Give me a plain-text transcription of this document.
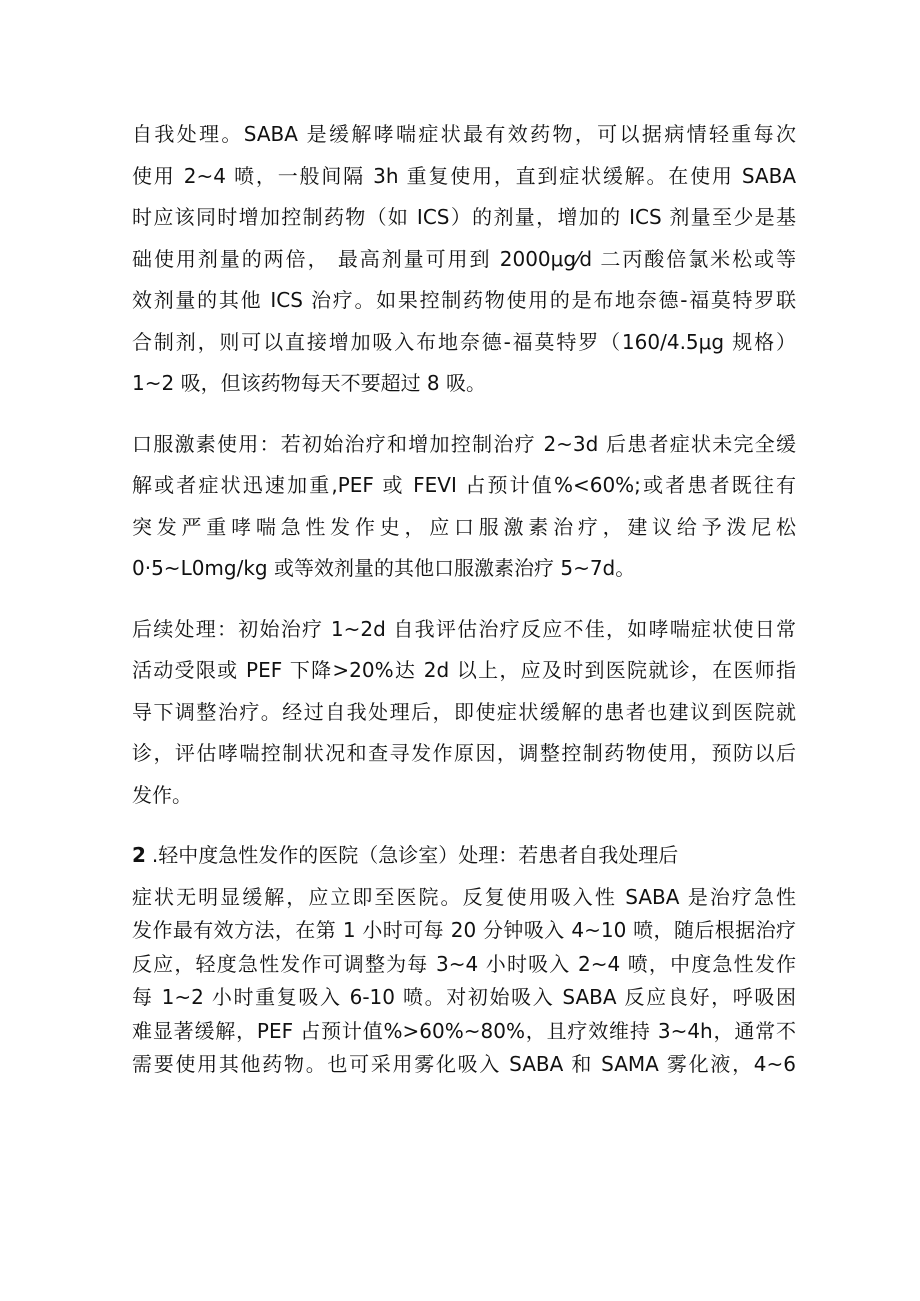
自我处理。SABA 是缓解哮喘症状最有效药物，可以据病情轻重每次
使用 2~4 喷，一般间隔 3h 重复使用，直到症状缓解。在使用 SABA
时应该同时增加控制药物（如 ICS）的剂量，增加的 ICS 剂量至少是基
础使用剂量的两倍， 最高剂量可用到 2000μg⁄d 二丙酸倍氯米松或等
效剂量的其他 ICS 治疗。如果控制药物使用的是布地奈德-福莫特罗联
合制剂，则可以直接增加吸入布地奈德-福莫特罗（160/4.5μg 规格）
1~2 吸，但该药物每天不要超过 8 吸。

口服激素使用：若初始治疗和增加控制治疗 2~3d 后患者症状未完全缓
解或者症状迅速加重,PEF 或 FEVI 占预计值%<60%;或者患者既往有
突发严重哮喘急性发作史，应口服激素治疗，建议给予泼尼松
0·5~L0mg/kg 或等效剂量的其他口服激素治疗 5~7d。

后续处理：初始治疗 1~2d 自我评估治疗反应不佳，如哮喘症状使日常
活动受限或 PEF 下降>20%达 2d 以上，应及时到医院就诊，在医师指
导下调整治疗。经过自我处理后，即使症状缓解的患者也建议到医院就
诊，评估哮喘控制状况和查寻发作原因，调整控制药物使用，预防以后
发作。

2 .轻中度急性发作的医院（急诊室）处理：若患者自我处理后

症状无明显缓解，应立即至医院。反复使用吸入性 SABA 是治疗急性
发作最有效方法，在第 1 小时可每 20 分钟吸入 4~10 喷，随后根据治疗
反应，轻度急性发作可调整为每 3~4 小时吸入 2~4 喷，中度急性发作
每 1~2 小时重复吸入 6-10 喷。对初始吸入 SABA 反应良好，呼吸困
难显著缓解，PEF 占预计值%>60%~80%，且疗效维持 3~4h，通常不
需要使用其他药物。也可采用雾化吸入 SABA 和 SAMA 雾化液，4~6
